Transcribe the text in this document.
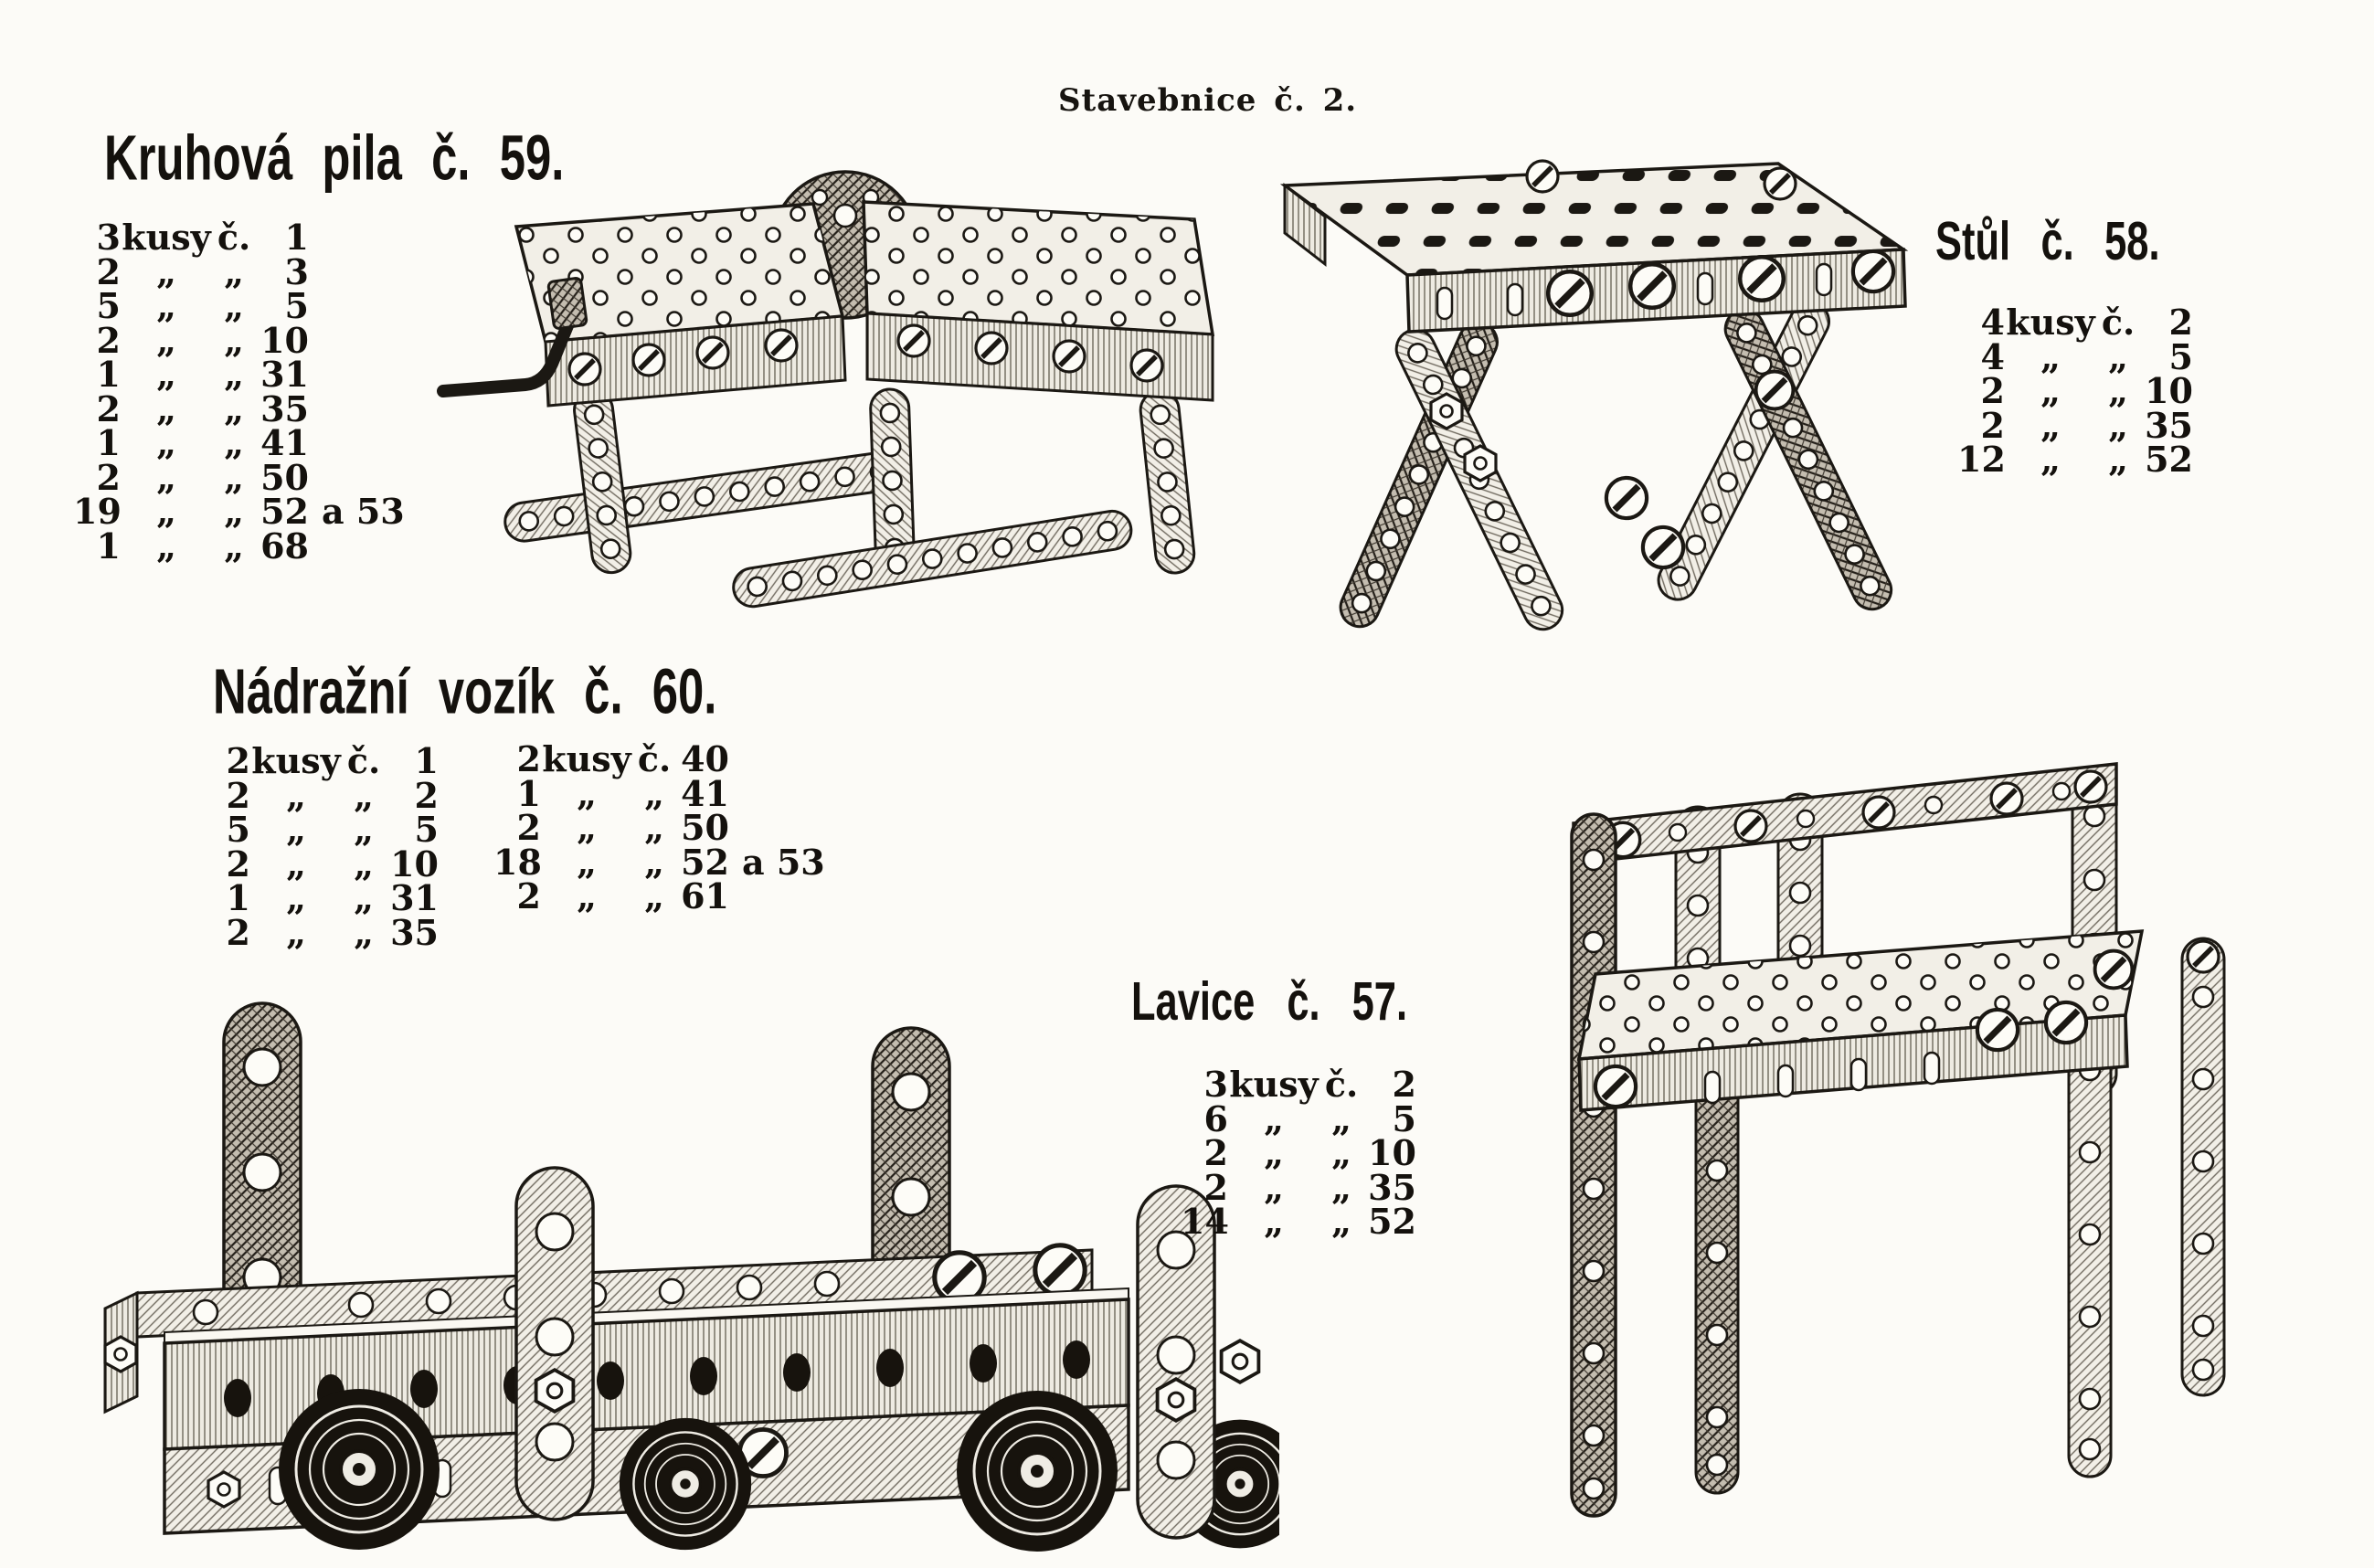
Stavebnice č. 2.
Kruhová pila č. 59.
3 kusy č. 1
2	„	„	3
5	„	„	5
2	„	„ 10
1	„	„ 31
2	„	„ 35
1	„	„ 41
2	„	„ 50
19	„	„ 52 a 53
1	„	„ 68
Stůl č. 58.
4 kusy č. 2
4	„	„	5
2	„	„ 10
2	„	„ 35
12	„	„ 52
Nádražní vozík č. 60.
2 kusy č. 1
2	„	„	2
5	„	„	5
2	„	„ 10
1	„	„ 31
2	„	„ 35
2 kusy č. 40
1	„	„ 41
2	„	„ 50
18	„	„ 52 a 53
2	„	„ 61
Lavice č. 57.
3 kusy č. 2
6	„	„	5
2	„	„ 10
2	„	„ 35
14	„	„ 52
